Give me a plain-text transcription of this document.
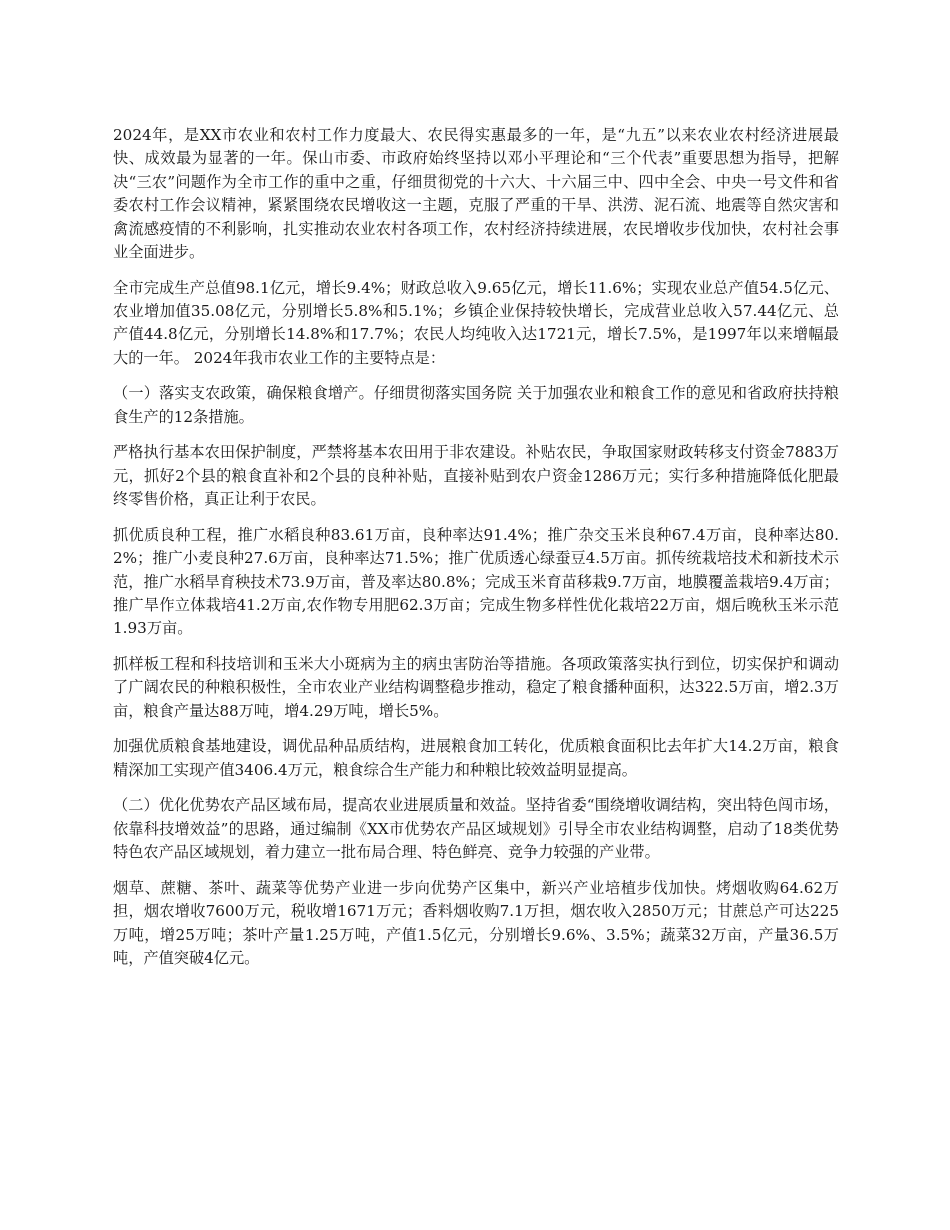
2024年，是XX市农业和农村工作力度最大、农民得实惠最多的一年，是“九五”以来农业农村经济进展最快、成效最为显著的一年。保山市委、市政府始终坚持以邓小平理论和“三个代表”重要思想为指导，把解决“三农”问题作为全市工作的重中之重，仔细贯彻党的十六大、十六届三中、四中全会、中央一号文件和省委农村工作会议精神，紧紧围绕农民增收这一主题，克服了严重的干旱、洪涝、泥石流、地震等自然灾害和禽流感疫情的不利影响，扎实推动农业农村各项工作，农村经济持续进展，农民增收步伐加快，农村社会事业全面进步。

全市完成生产总值98.1亿元，增长9.4%；财政总收入9.65亿元，增长11.6%；实现农业总产值54.5亿元、农业增加值35.08亿元，分别增长5.8%和5.1%；乡镇企业保持较快增长，完成营业总收入57.44亿元、总产值44.8亿元，分别增长14.8%和17.7%；农民人均纯收入达1721元，增长7.5%，是1997年以来增幅最大的一年。 2024年我市农业工作的主要特点是：

（一）落实支农政策，确保粮食增产。仔细贯彻落实国务院 关于加强农业和粮食工作的意见和省政府扶持粮食生产的12条措施。

严格执行基本农田保护制度，严禁将基本农田用于非农建设。补贴农民，争取国家财政转移支付资金7883万元，抓好2个县的粮食直补和2个县的良种补贴，直接补贴到农户资金1286万元；实行多种措施降低化肥最终零售价格，真正让利于农民。

抓优质良种工程，推广水稻良种83.61万亩，良种率达91.4%；推广杂交玉米良种67.4万亩，良种率达80.2%；推广小麦良种27.6万亩，良种率达71.5%；推广优质透心绿蚕豆4.5万亩。抓传统栽培技术和新技术示范，推广水稻旱育秧技术73.9万亩，普及率达80.8%；完成玉米育苗移栽9.7万亩，地膜覆盖栽培9.4万亩；推广旱作立体栽培41.2万亩,农作物专用肥62.3万亩；完成生物多样性优化栽培22万亩，烟后晚秋玉米示范1.93万亩。

抓样板工程和科技培训和玉米大小斑病为主的病虫害防治等措施。各项政策落实执行到位，切实保护和调动了广阔农民的种粮积极性，全市农业产业结构调整稳步推动，稳定了粮食播种面积，达322.5万亩，增2.3万亩，粮食产量达88万吨，增4.29万吨，增长5%。

加强优质粮食基地建设，调优品种品质结构，进展粮食加工转化，优质粮食面积比去年扩大14.2万亩，粮食精深加工实现产值3406.4万元，粮食综合生产能力和种粮比较效益明显提高。

（二）优化优势农产品区域布局，提高农业进展质量和效益。坚持省委“围绕增收调结构，突出特色闯市场，依靠科技增效益”的思路，通过编制《XX市优势农产品区域规划》引导全市农业结构调整，启动了18类优势特色农产品区域规划，着力建立一批布局合理、特色鲜亮、竞争力较强的产业带。

烟草、蔗糖、茶叶、蔬菜等优势产业进一步向优势产区集中，新兴产业培植步伐加快。烤烟收购64.62万担，烟农增收7600万元，税收增1671万元；香料烟收购7.1万担，烟农收入2850万元；甘蔗总产可达225万吨，增25万吨；茶叶产量1.25万吨，产值1.5亿元，分别增长9.6%、3.5%；蔬菜32万亩，产量36.5万吨，产值突破4亿元。
